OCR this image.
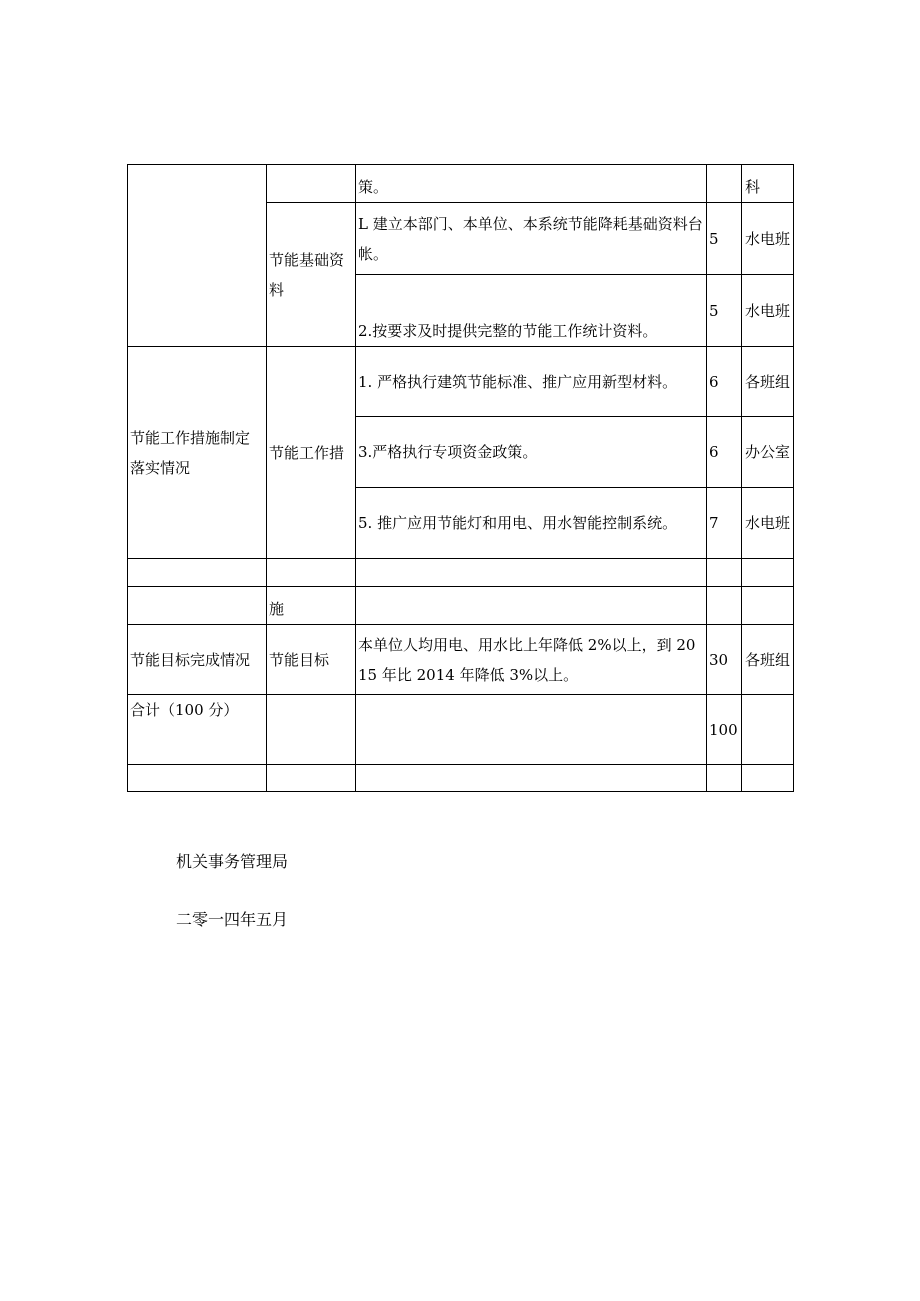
		策。		科
	节能基础资料	L 建立本部门、本单位、本系统节能降耗基础资料台帐。	5	水电班
		2.按要求及时提供完整的节能工作统计资料。	5	水电班
节能工作措施制定落实情况	节能工作措	1. 严格执行建筑节能标准、推广应用新型材料。	6	各班组
		3.严格执行专项资金政策。	6	办公室
		5. 推广应用节能灯和用电、用水智能控制系统。	7	水电班

	施			
节能目标完成情况	节能目标	本单位人均用电、用水比上年降低 2%以上，到 2015 年比 2014 年降低 3%以上。	30	各班组
合计（100 分）			100	

机关事务管理局
二零一四年五月
